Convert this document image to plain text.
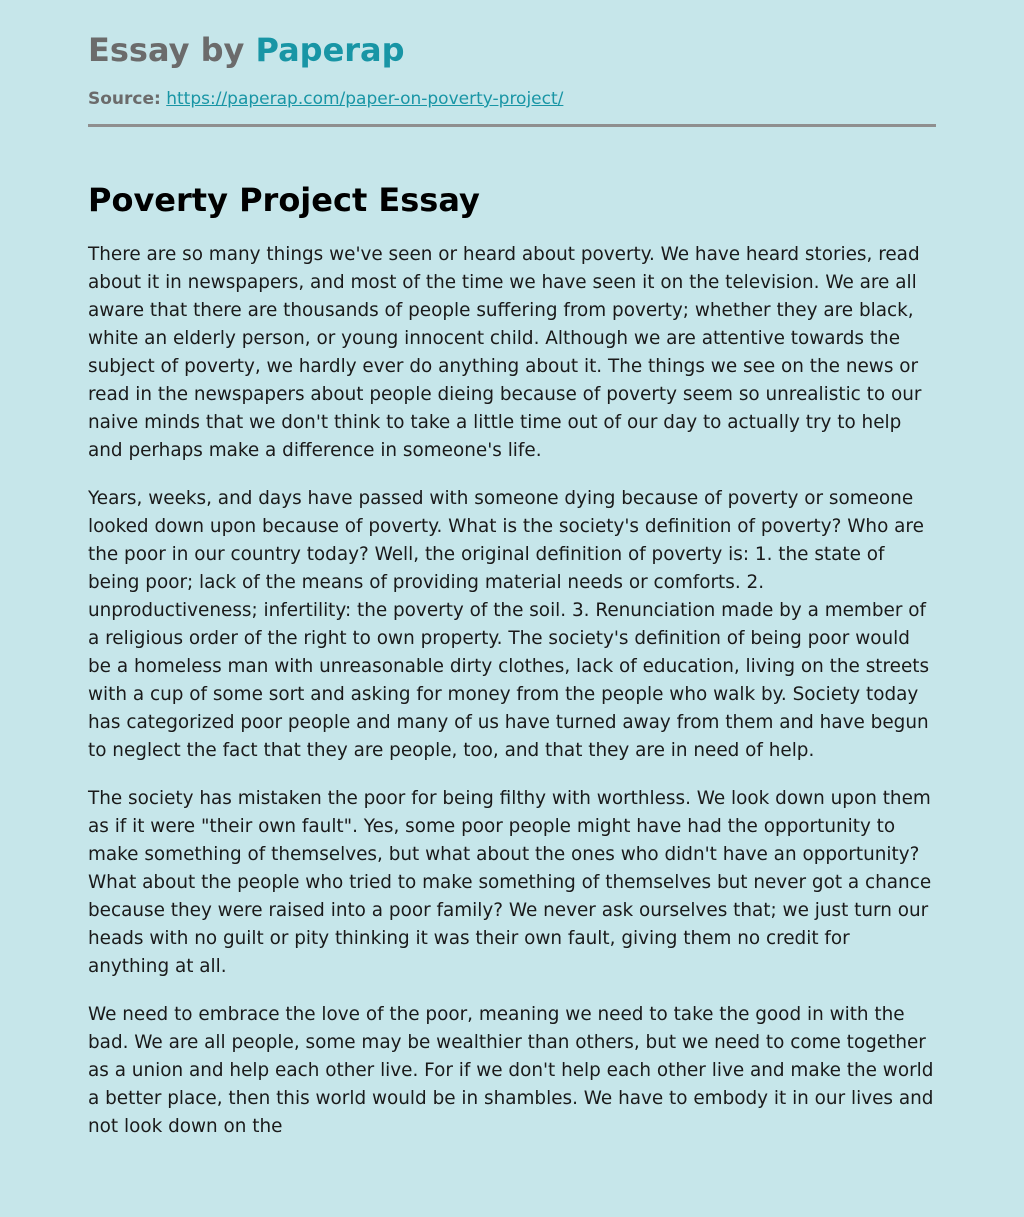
Essay by Paperap
Source: https://paperap.com/paper-on-poverty-project/
Poverty Project Essay

There are so many things we've seen or heard about poverty. We have heard stories, read about it in newspapers, and most of the time we have seen it on the television. We are all aware that there are thousands of people suffering from poverty; whether they are black, white an elderly person, or young innocent child. Although we are attentive towards the subject of poverty, we hardly ever do anything about it. The things we see on the news or read in the newspapers about people dieing because of poverty seem so unrealistic to our naive minds that we don't think to take a little time out of our day to actually try to help and perhaps make a difference in someone's life.

Years, weeks, and days have passed with someone dying because of poverty or someone looked down upon because of poverty. What is the society's definition of poverty? Who are the poor in our country today? Well, the original definition of poverty is: 1. the state of being poor; lack of the means of providing material needs or comforts. 2. unproductiveness; infertility: the poverty of the soil. 3. Renunciation made by a member of a religious order of the right to own property. The society's definition of being poor would be a homeless man with unreasonable dirty clothes, lack of education, living on the streets with a cup of some sort and asking for money from the people who walk by. Society today has categorized poor people and many of us have turned away from them and have begun to neglect the fact that they are people, too, and that they are in need of help.

The society has mistaken the poor for being filthy with worthless. We look down upon them as if it were "their own fault". Yes, some poor people might have had the opportunity to make something of themselves, but what about the ones who didn't have an opportunity? What about the people who tried to make something of themselves but never got a chance because they were raised into a poor family? We never ask ourselves that; we just turn our heads with no guilt or pity thinking it was their own fault, giving them no credit for anything at all.

We need to embrace the love of the poor, meaning we need to take the good in with the bad. We are all people, some may be wealthier than others, but we need to come together as a union and help each other live. For if we don't help each other live and make the world a better place, then this world would be in shambles. We have to embody it in our lives and not look down on the
